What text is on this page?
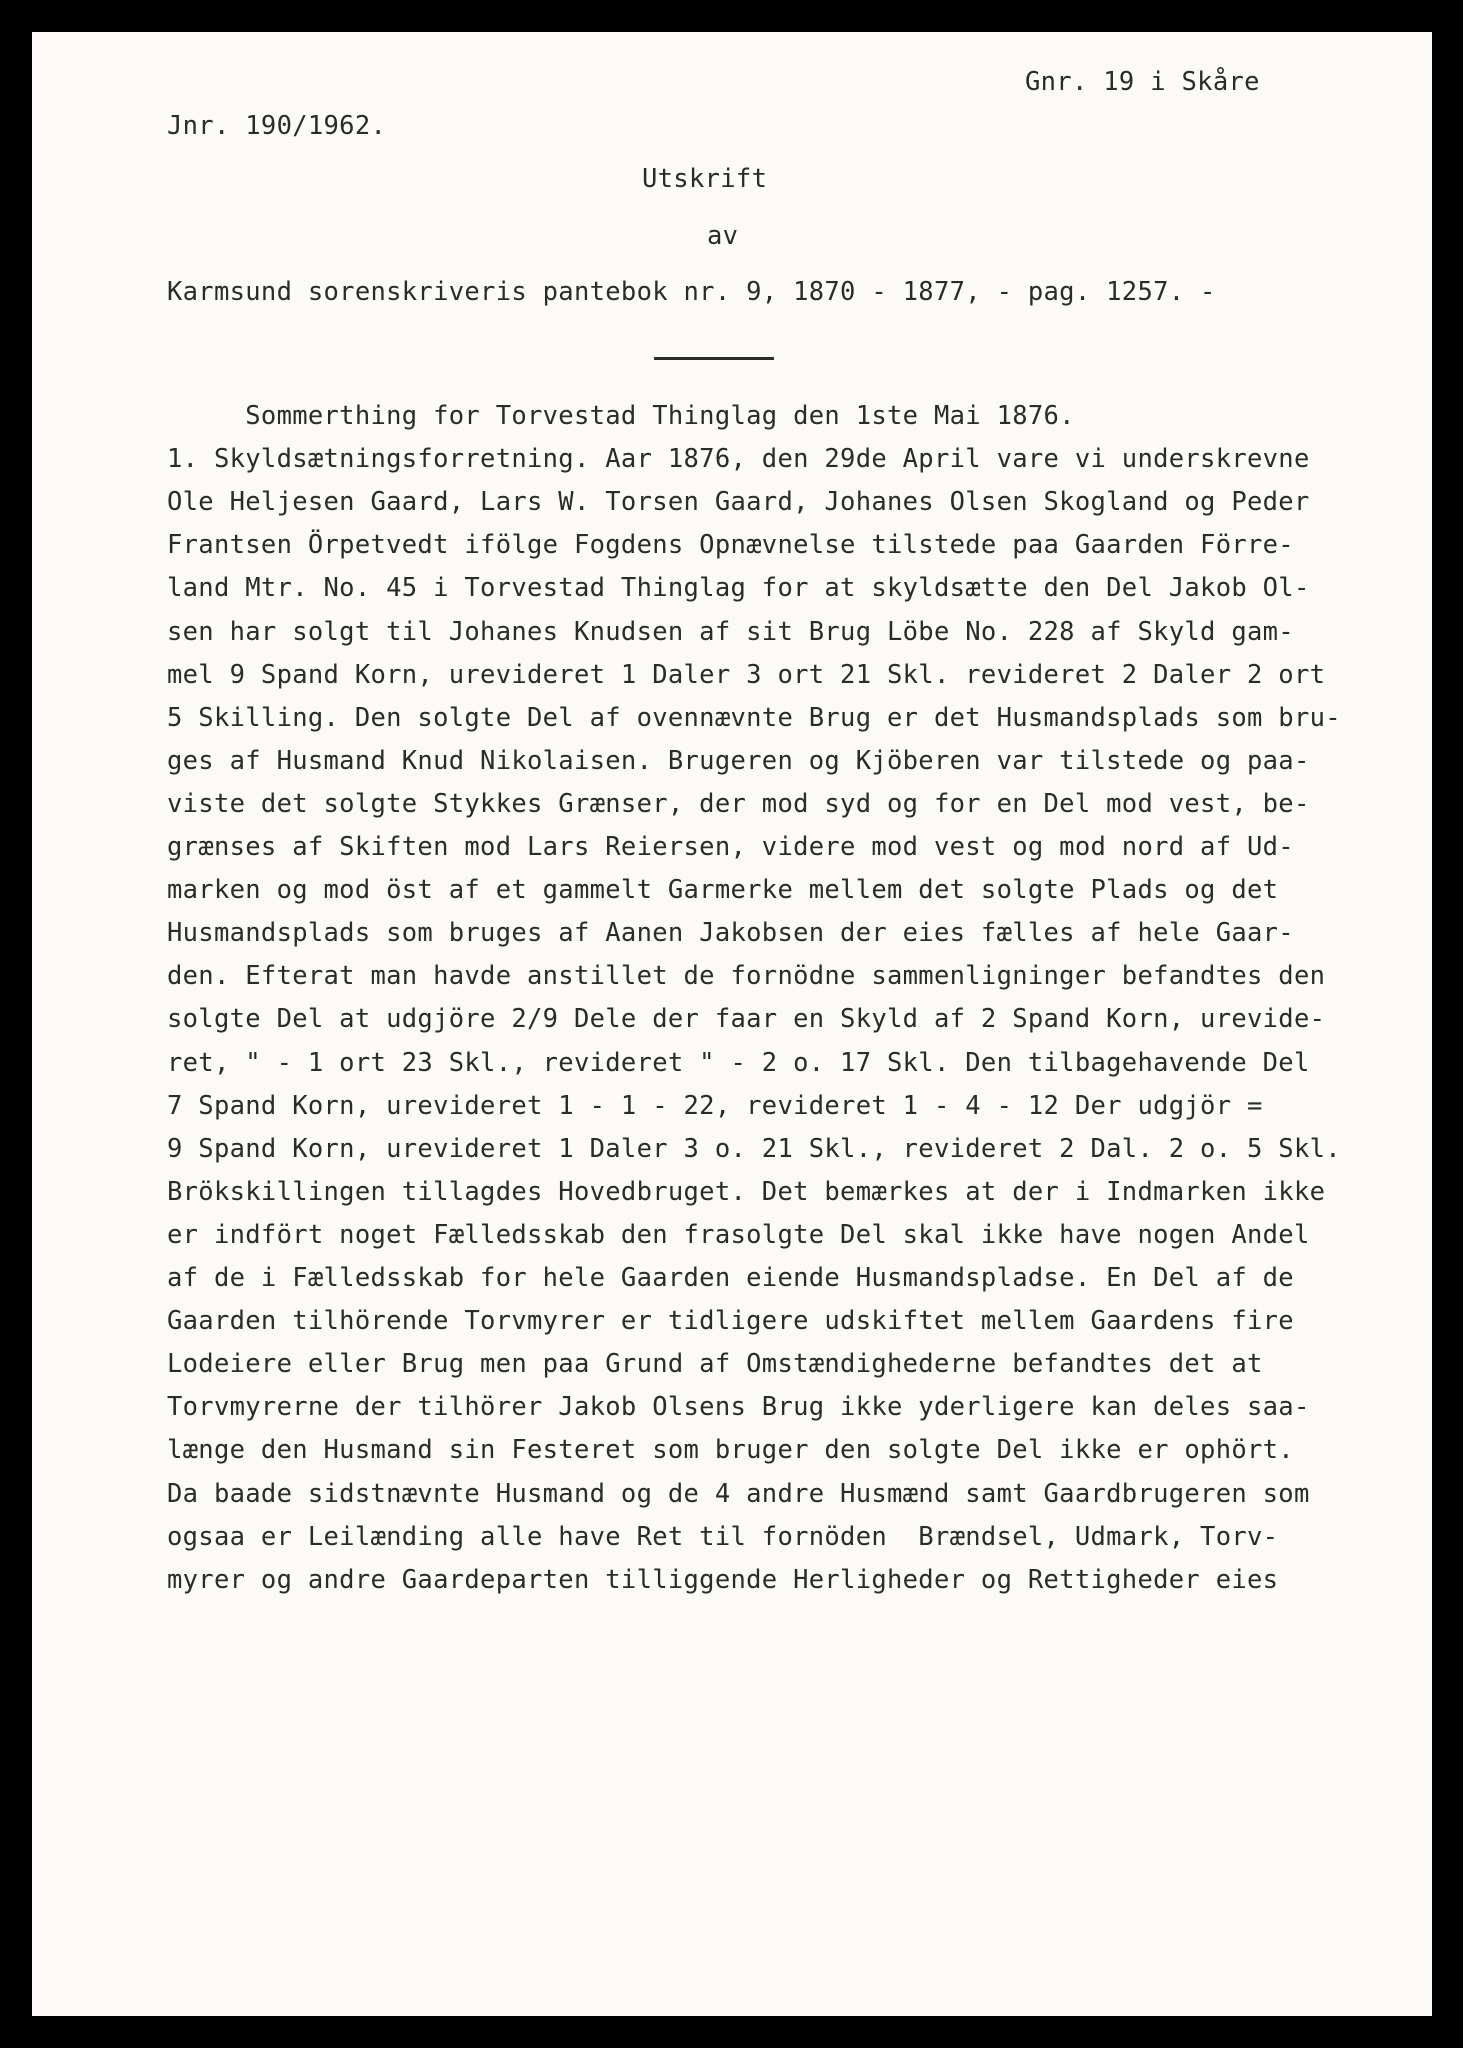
Gnr. 19 i Skåre
Jnr. 190/1962.
Utskrift
av
Karmsund sorenskriveris pantebok nr. 9, 1870 - 1877, - pag. 1257. -
Sommerthing for Torvestad Thinglag den 1ste Mai 1876.
1. Skyldsætningsforretning. Aar 1876, den 29de April vare vi underskrevne
Ole Heljesen Gaard, Lars W. Torsen Gaard, Johanes Olsen Skogland og Peder
Frantsen Örpetvedt ifölge Fogdens Opnævnelse tilstede paa Gaarden Förre-
land Mtr. No. 45 i Torvestad Thinglag for at skyldsætte den Del Jakob Ol-
sen har solgt til Johanes Knudsen af sit Brug Löbe No. 228 af Skyld gam-
mel 9 Spand Korn, urevideret 1 Daler 3 ort 21 Skl. revideret 2 Daler 2 ort
5 Skilling. Den solgte Del af ovennævnte Brug er det Husmandsplads som bru-
ges af Husmand Knud Nikolaisen. Brugeren og Kjöberen var tilstede og paa-
viste det solgte Stykkes Grænser, der mod syd og for en Del mod vest, be-
grænses af Skiften mod Lars Reiersen, videre mod vest og mod nord af Ud-
marken og mod öst af et gammelt Garmerke mellem det solgte Plads og det
Husmandsplads som bruges af Aanen Jakobsen der eies fælles af hele Gaar-
den. Efterat man havde anstillet de fornödne sammenligninger befandtes den
solgte Del at udgjöre 2/9 Dele der faar en Skyld af 2 Spand Korn, urevide-
ret, " - 1 ort 23 Skl., revideret " - 2 o. 17 Skl. Den tilbagehavende Del
7 Spand Korn, urevideret 1 - 1 - 22, revideret 1 - 4 - 12 Der udgjör =
9 Spand Korn, urevideret 1 Daler 3 o. 21 Skl., revideret 2 Dal. 2 o. 5 Skl.
Brökskillingen tillagdes Hovedbruget. Det bemærkes at der i Indmarken ikke
er indfört noget Fælledsskab den frasolgte Del skal ikke have nogen Andel
af de i Fælledsskab for hele Gaarden eiende Husmandspladse. En Del af de
Gaarden tilhörende Torvmyrer er tidligere udskiftet mellem Gaardens fire
Lodeiere eller Brug men paa Grund af Omstændighederne befandtes det at
Torvmyrerne der tilhörer Jakob Olsens Brug ikke yderligere kan deles saa-
længe den Husmand sin Festeret som bruger den solgte Del ikke er ophört.
Da baade sidstnævnte Husmand og de 4 andre Husmænd samt Gaardbrugeren som
ogsaa er Leilænding alle have Ret til fornöden  Brændsel, Udmark, Torv-
myrer og andre Gaardeparten tilliggende Herligheder og Rettigheder eies
